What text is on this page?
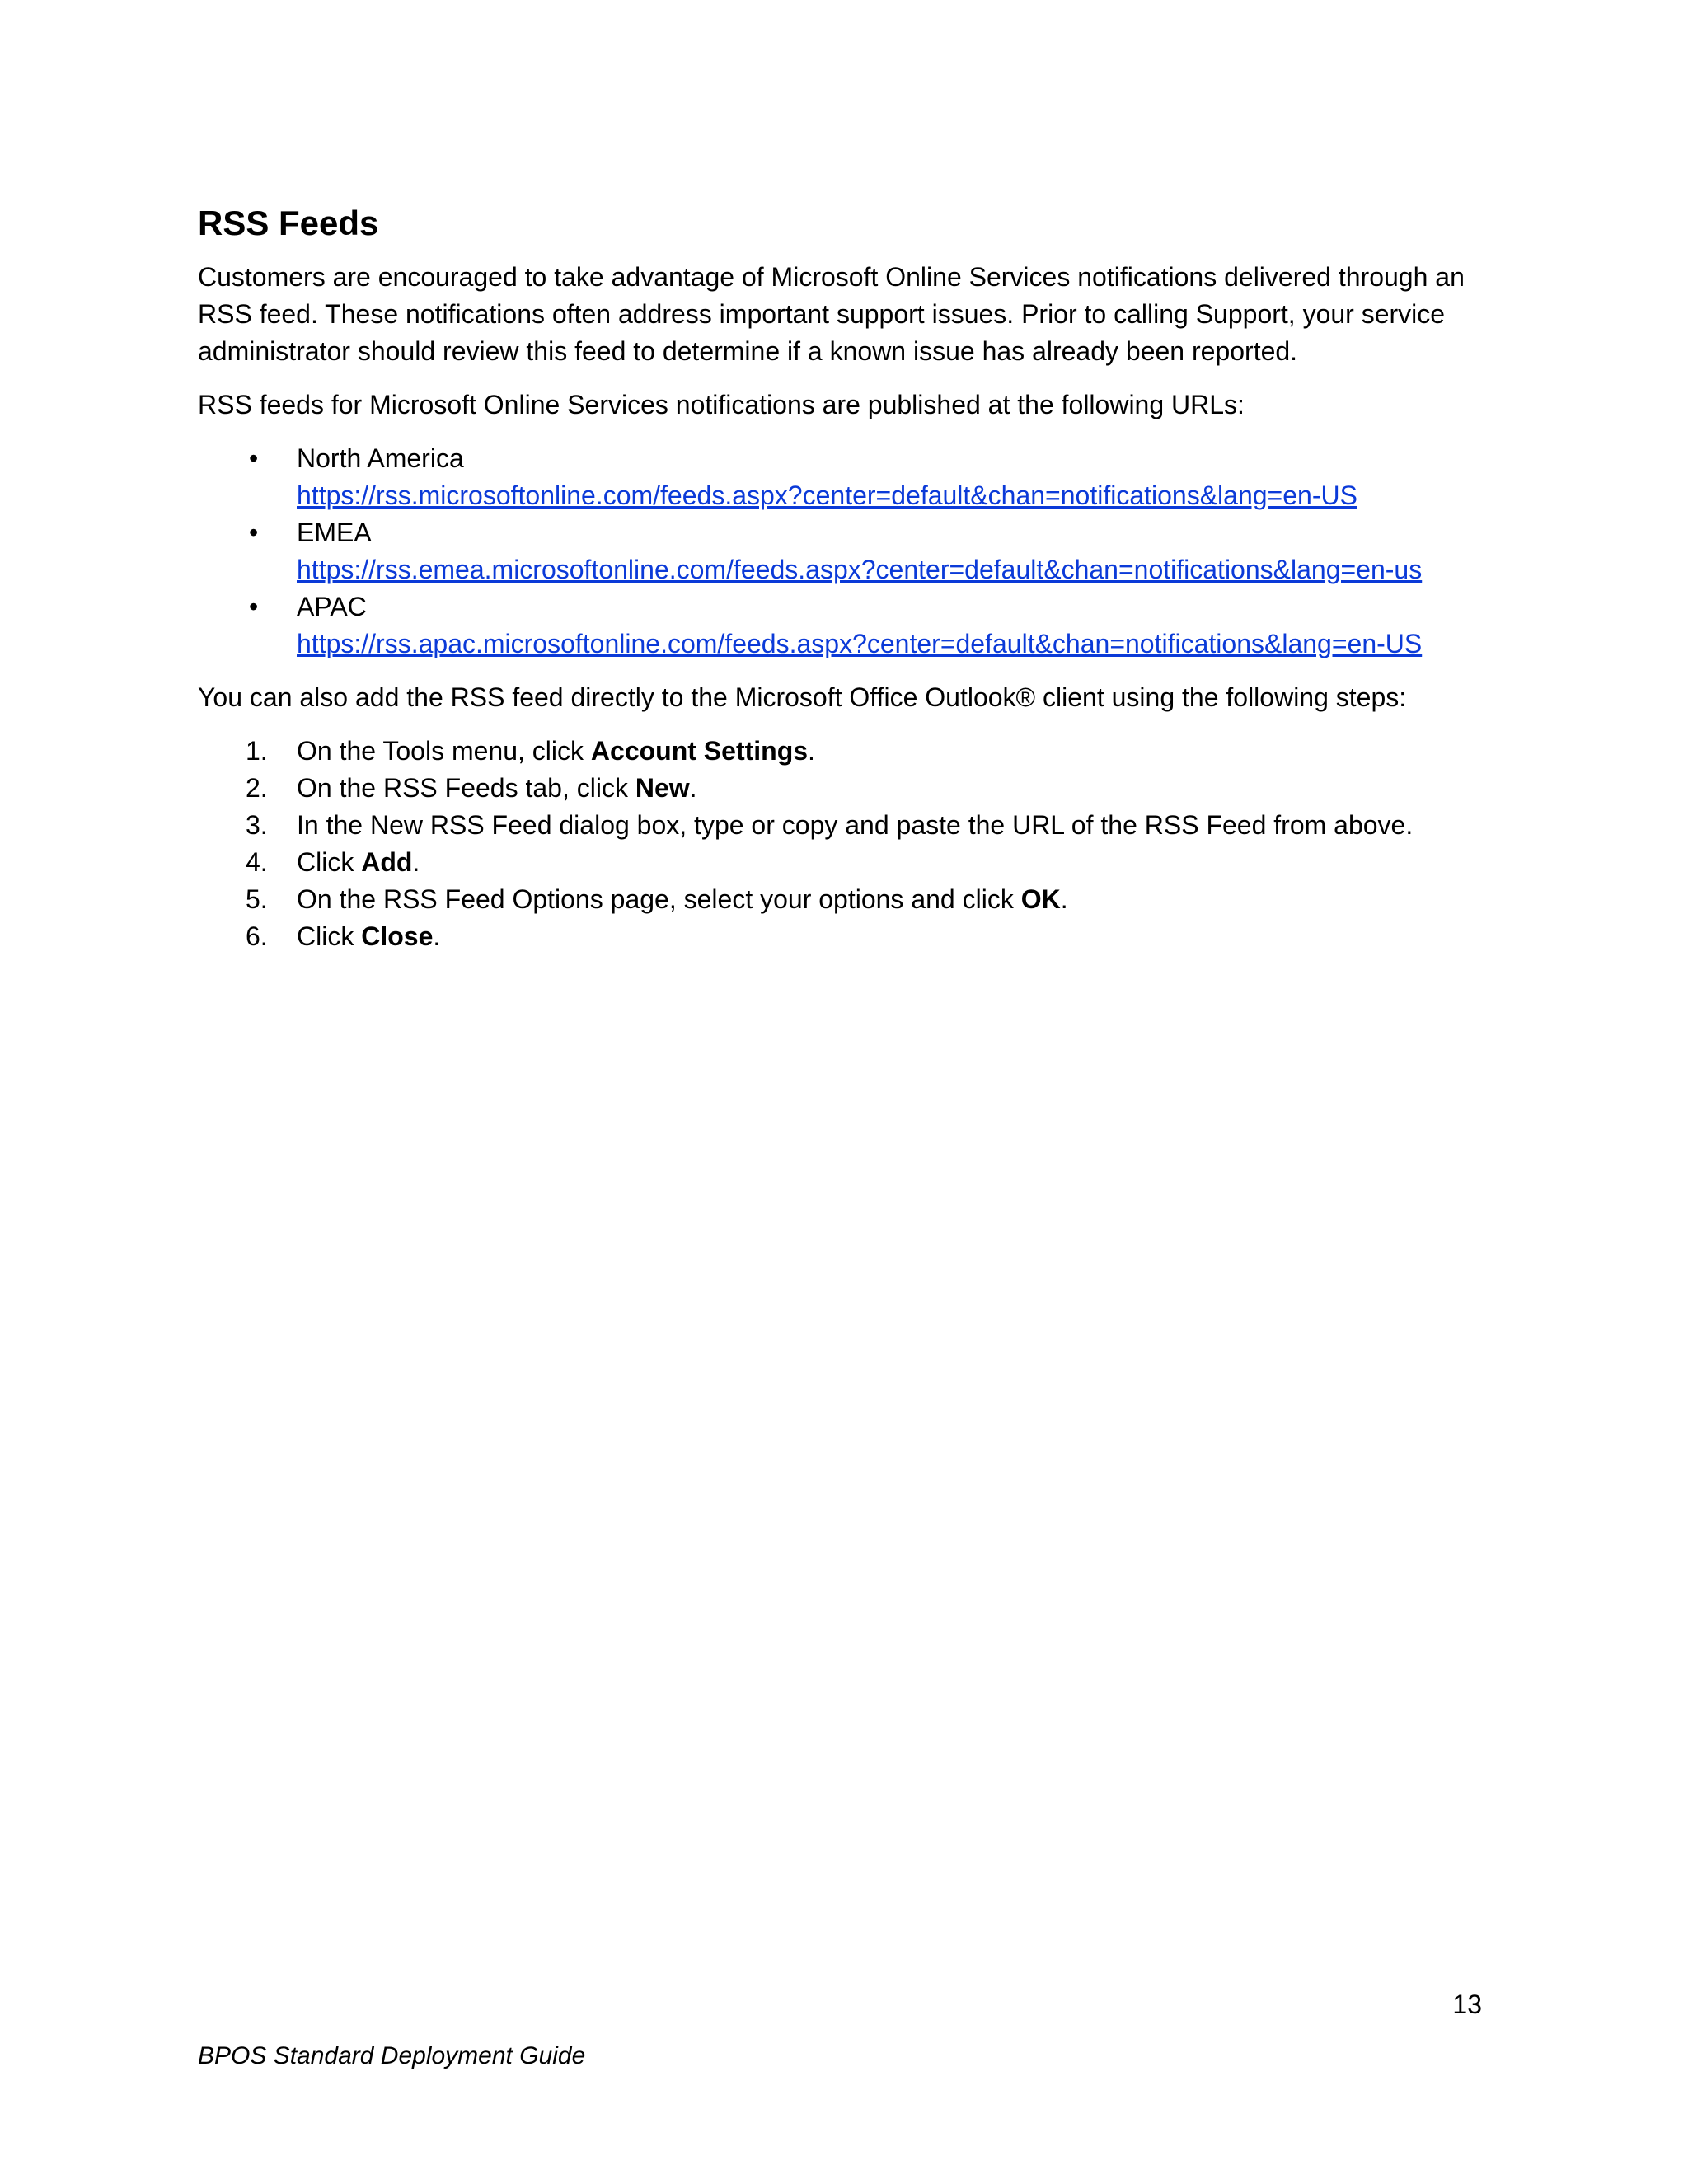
RSS Feeds

Customers are encouraged to take advantage of Microsoft Online Services notifications delivered through an RSS feed. These notifications often address important support issues. Prior to calling Support, your service administrator should review this feed to determine if a known issue has already been reported.

RSS feeds for Microsoft Online Services notifications are published at the following URLs:

• North America
https://rss.microsoftonline.com/feeds.aspx?center=default&chan=notifications&lang=en-US
• EMEA
https://rss.emea.microsoftonline.com/feeds.aspx?center=default&chan=notifications&lang=en-us
• APAC
https://rss.apac.microsoftonline.com/feeds.aspx?center=default&chan=notifications&lang=en-US

You can also add the RSS feed directly to the Microsoft Office Outlook® client using the following steps:

1. On the Tools menu, click Account Settings.
2. On the RSS Feeds tab, click New.
3. In the New RSS Feed dialog box, type or copy and paste the URL of the RSS Feed from above.
4. Click Add.
5. On the RSS Feed Options page, select your options and click OK.
6. Click Close.
13
BPOS Standard Deployment Guide
